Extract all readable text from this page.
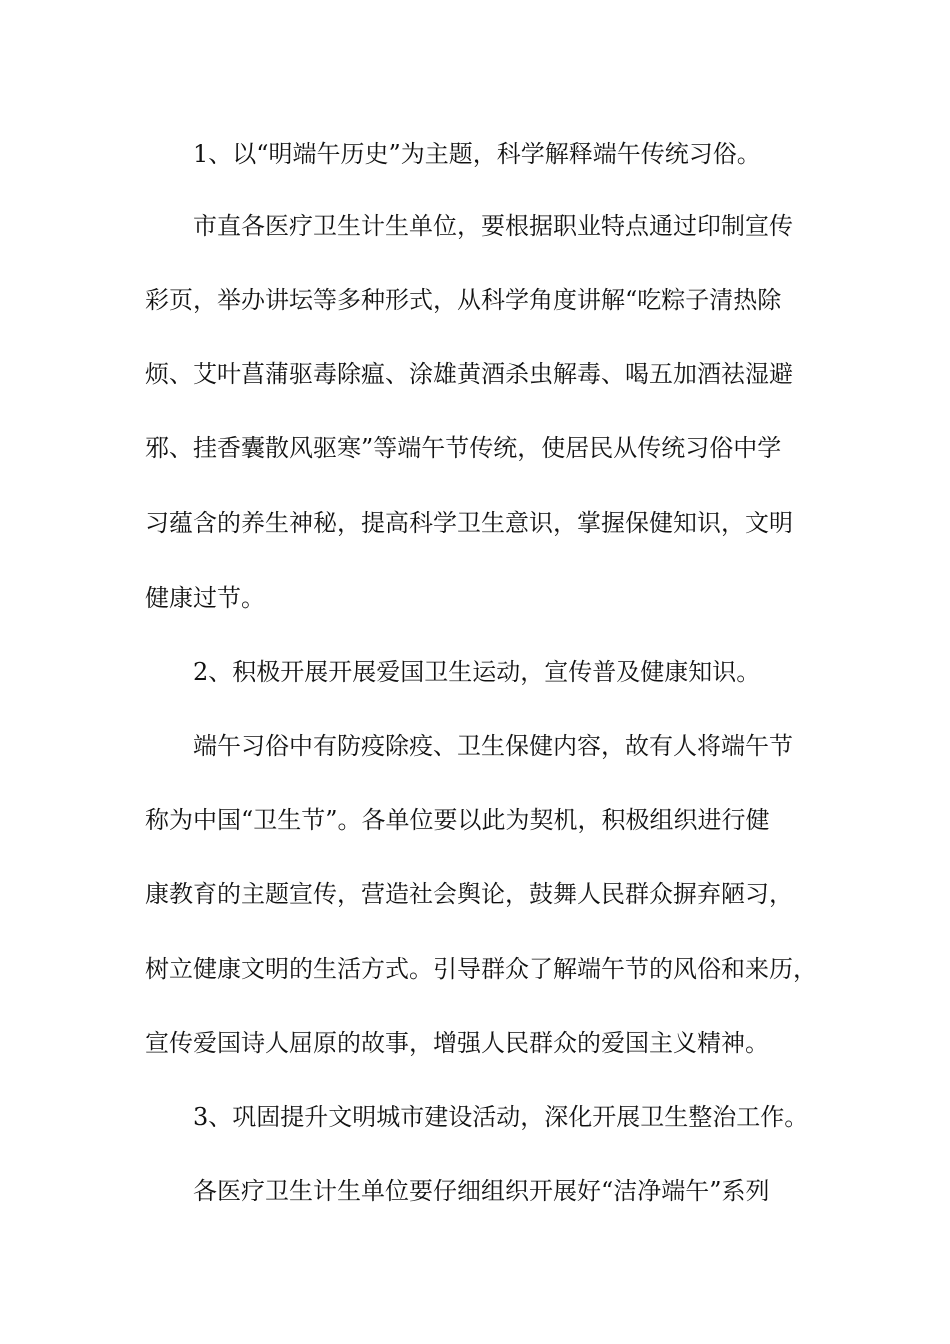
1、以“明端午历史”为主题，科学解释端午传统习俗。
市直各医疗卫生计生单位，要根据职业特点通过印制宣传
彩页，举办讲坛等多种形式，从科学角度讲解“吃粽子清热除
烦、艾叶菖蒲驱毒除瘟、涂雄黄酒杀虫解毒、喝五加酒祛湿避
邪、挂香囊散风驱寒”等端午节传统，使居民从传统习俗中学
习蕴含的养生神秘，提高科学卫生意识，掌握保健知识，文明
健康过节。
2、积极开展开展爱国卫生运动，宣传普及健康知识。
端午习俗中有防疫除疫、卫生保健内容，故有人将端午节
称为中国“卫生节”。各单位要以此为契机，积极组织进行健
康教育的主题宣传，营造社会舆论，鼓舞人民群众摒弃陋习，
树立健康文明的生活方式。引导群众了解端午节的风俗和来历，
宣传爱国诗人屈原的故事，增强人民群众的爱国主义精神。
3、巩固提升文明城市建设活动，深化开展卫生整治工作。
各医疗卫生计生单位要仔细组织开展好“洁净端午”系列
